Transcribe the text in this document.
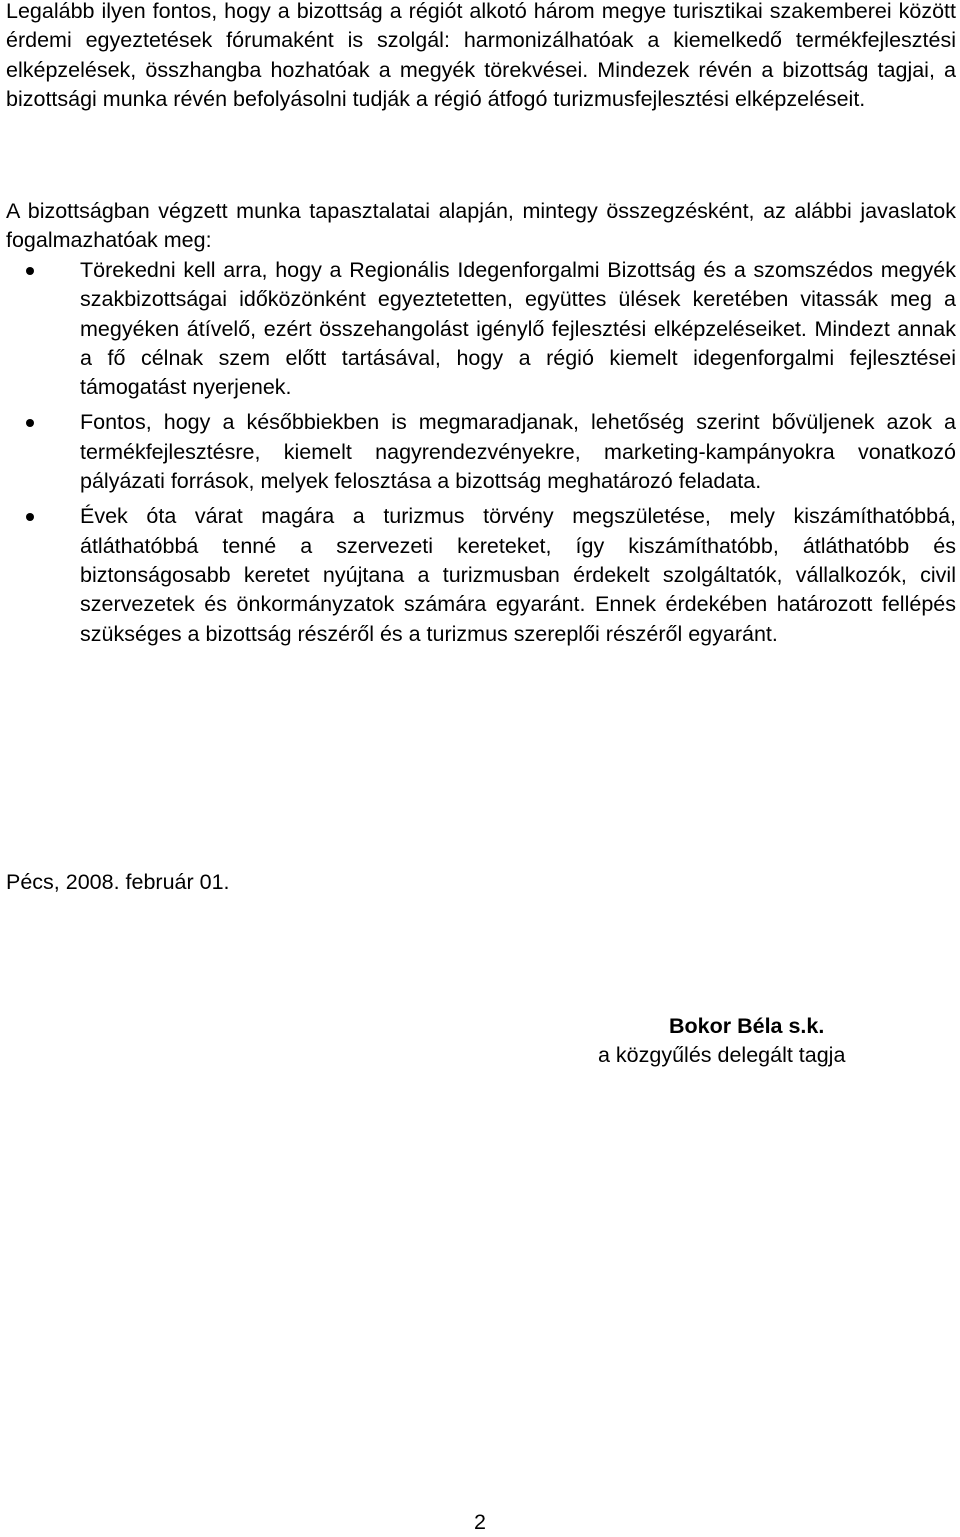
Legalább ilyen fontos, hogy a bizottság a régiót alkotó három megye turisztikai szakemberei között érdemi egyeztetések fórumaként is szolgál: harmonizálhatóak a kiemelkedő termékfejlesztési elképzelések, összhangba hozhatóak a megyék törekvései. Mindezek révén a bizottság tagjai, a bizottsági munka révén befolyásolni tudják a régió átfogó turizmusfejlesztési elképzeléseit.

A bizottságban végzett munka tapasztalatai alapján, mintegy összegzésként, az alábbi javaslatok fogalmazhatóak meg:

Törekedni kell arra, hogy a Regionális Idegenforgalmi Bizottság és a szomszédos megyék szakbizottságai időközönként egyeztetetten, együttes ülések keretében vitassák meg a megyéken átívelő, ezért összehangolást igénylő fejlesztési elképzeléseiket. Mindezt annak a fő célnak szem előtt tartásával, hogy a régió kiemelt idegenforgalmi fejlesztései támogatást nyerjenek.
Fontos, hogy a későbbiekben is megmaradjanak, lehetőség szerint bővüljenek azok a termékfejlesztésre, kiemelt nagyrendezvényekre, marketing-kampányokra vonatkozó pályázati források, melyek felosztása a bizottság meghatározó feladata.
Évek óta várat magára a turizmus törvény megszületése, mely kiszámíthatóbbá, átláthatóbbá tenné a szervezeti kereteket, így kiszámíthatóbb, átláthatóbb és biztonságosabb keretet nyújtana a turizmusban érdekelt szolgáltatók, vállalkozók, civil szervezetek és önkormányzatok számára egyaránt. Ennek érdekében határozott fellépés szükséges a bizottság részéről és a turizmus szereplői részéről egyaránt.

Pécs, 2008. február 01.

Bokor Béla s.k.

a közgyűlés delegált tagja

2
